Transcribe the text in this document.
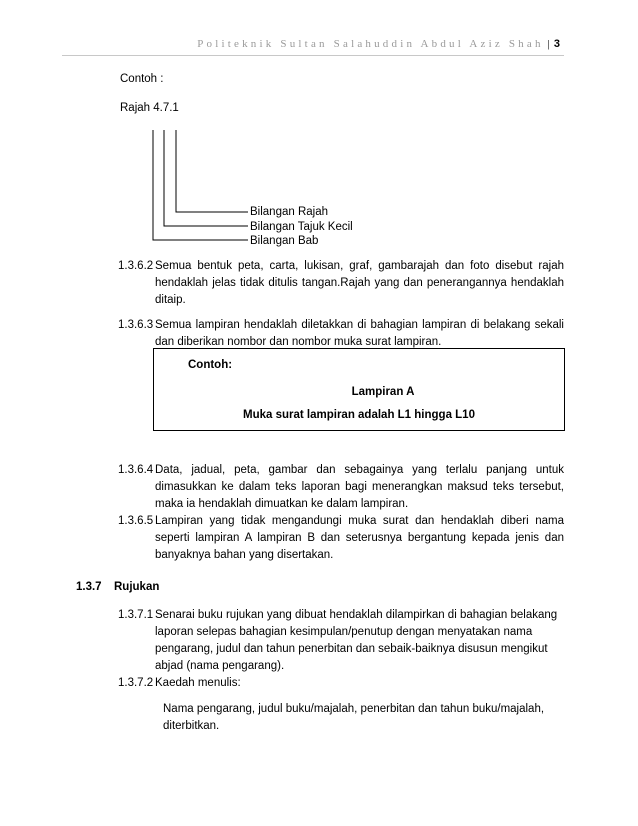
Politeknik Sultan Salahuddin Abdul Aziz Shah | 3
Contoh :
Rajah 4.7.1
Bilangan Rajah
Bilangan Tajuk Kecil
Bilangan Bab
1.3.6.2 Semua bentuk peta, carta, lukisan, graf, gambarajah dan foto disebut rajah hendaklah jelas tidak ditulis tangan.Rajah yang dan penerangannya hendaklah ditaip.
1.3.6.3 Semua lampiran hendaklah diletakkan di bahagian lampiran di belakang sekali dan diberikan nombor dan nombor muka surat lampiran.
Contoh:
Lampiran A
Muka surat lampiran adalah L1 hingga L10
1.3.6.4 Data, jadual, peta, gambar dan sebagainya yang terlalu panjang untuk dimasukkan ke dalam teks laporan bagi menerangkan maksud teks tersebut, maka ia hendaklah dimuatkan ke dalam lampiran.
1.3.6.5 Lampiran yang tidak mengandungi muka surat dan hendaklah diberi nama seperti lampiran A lampiran B dan seterusnya bergantung kepada jenis dan banyaknya bahan yang disertakan.
1.3.7 Rujukan
1.3.7.1 Senarai buku rujukan yang dibuat hendaklah dilampirkan di bahagian belakang laporan selepas bahagian kesimpulan/penutup dengan menyatakan nama pengarang, judul dan tahun penerbitan dan sebaik-baiknya disusun mengikut abjad (nama pengarang).
1.3.7.2 Kaedah menulis:
Nama pengarang, judul buku/majalah, penerbitan dan tahun buku/majalah, diterbitkan.
